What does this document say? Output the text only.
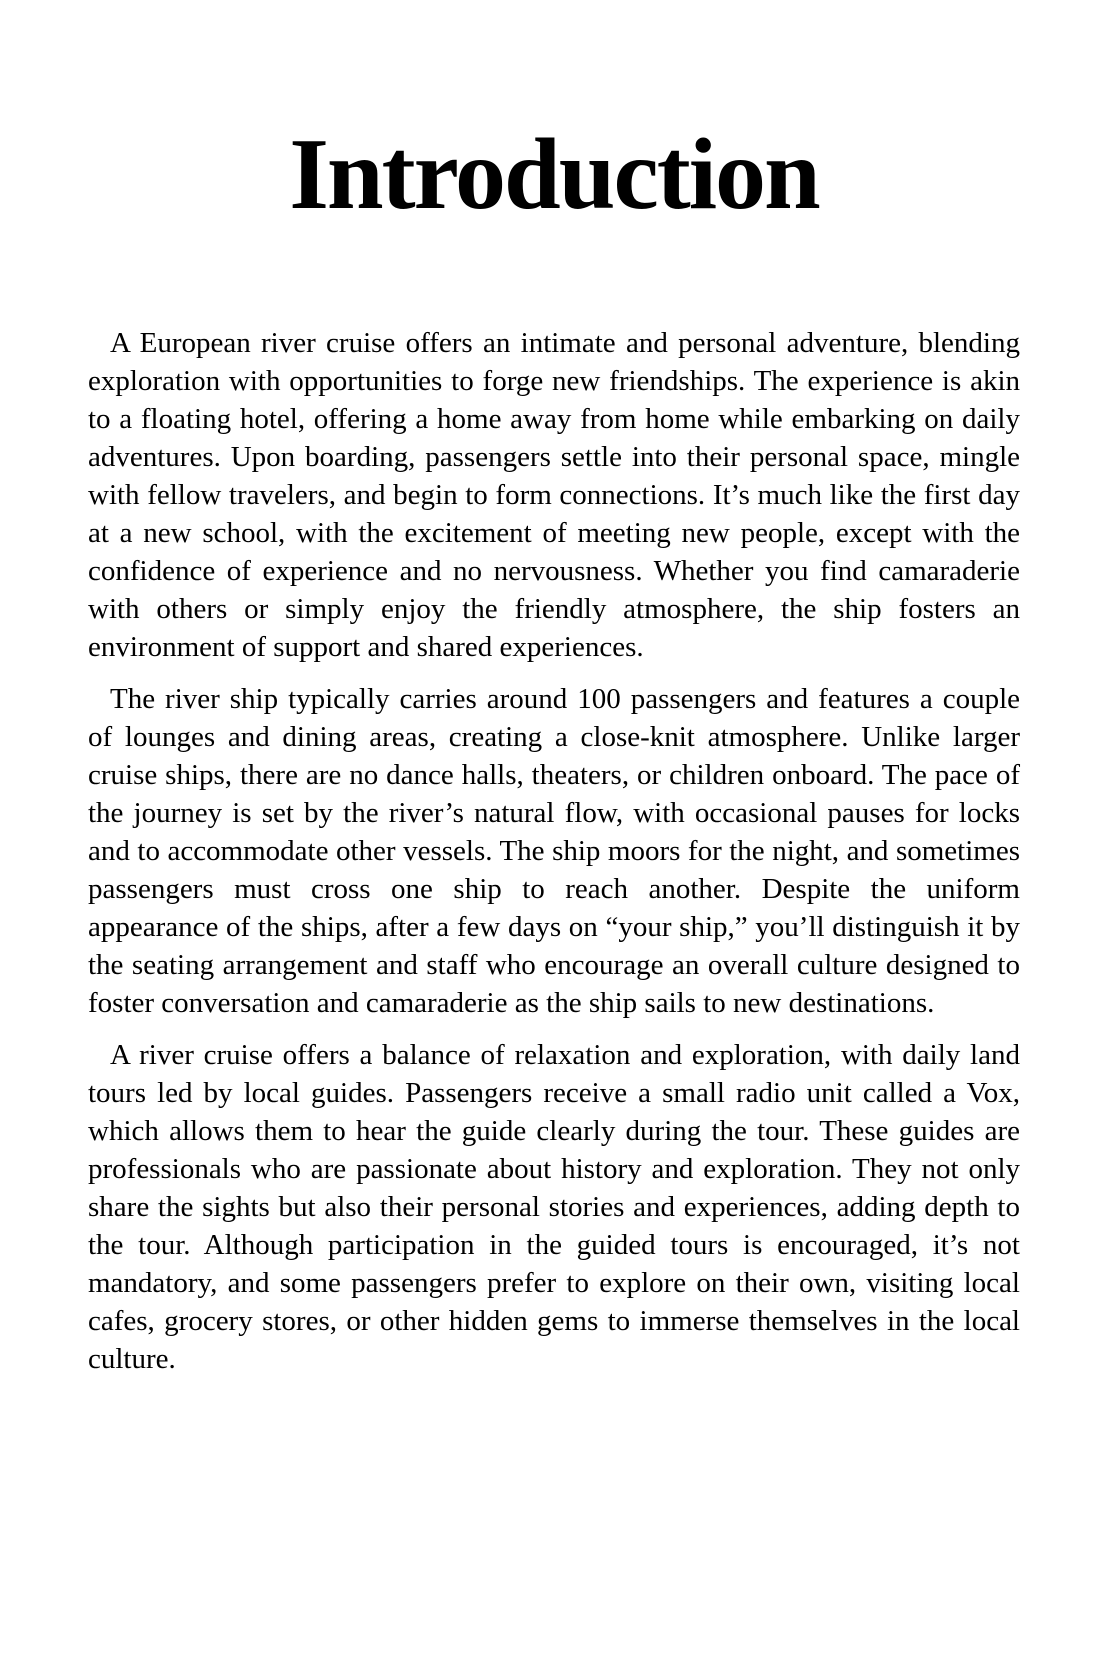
Introduction

A European river cruise offers an intimate and personal adventure, blending exploration with opportunities to forge new friendships. The experience is akin to a floating hotel, offering a home away from home while embarking on daily adventures. Upon boarding, passengers settle into their personal space, mingle with fellow travelers, and begin to form connections. It’s much like the first day at a new school, with the excitement of meeting new people, except with the confidence of experience and no nervousness. Whether you find camaraderie with others or simply enjoy the friendly atmosphere, the ship fosters an environment of support and shared experiences.

The river ship typically carries around 100 passengers and features a couple of lounges and dining areas, creating a close-knit atmosphere. Unlike larger cruise ships, there are no dance halls, theaters, or children onboard. The pace of the journey is set by the river’s natural flow, with occasional pauses for locks and to accommodate other vessels. The ship moors for the night, and sometimes passengers must cross one ship to reach another. Despite the uniform appearance of the ships, after a few days on “your ship,” you’ll distinguish it by the seating arrangement and staff who encourage an overall culture designed to foster conversation and camaraderie as the ship sails to new destinations.

A river cruise offers a balance of relaxation and exploration, with daily land tours led by local guides. Passengers receive a small radio unit called a Vox, which allows them to hear the guide clearly during the tour. These guides are professionals who are passionate about history and exploration. They not only share the sights but also their personal stories and experiences, adding depth to the tour. Although participation in the guided tours is encouraged, it’s not mandatory, and some passengers prefer to explore on their own, visiting local cafes, grocery stores, or other hidden gems to immerse themselves in the local culture.
